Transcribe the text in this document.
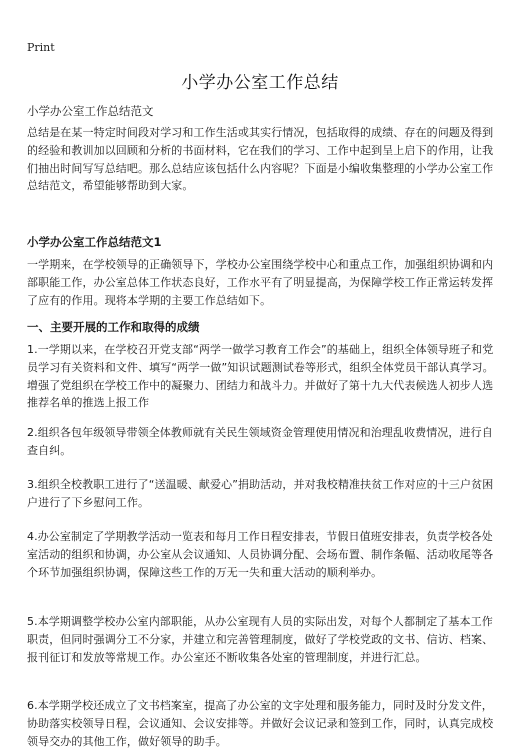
Print
小学办公室工作总结

小学办公室工作总结范文

总结是在某一特定时间段对学习和工作生活或其实行情况，包括取得的成绩、存在的问题及得到的经验和教训加以回顾和分析的书面材料，它在我们的学习、工作中起到呈上启下的作用，让我们抽出时间写写总结吧。那么总结应该包括什么内容呢？下面是小编收集整理的小学办公室工作总结范文，希望能够帮助到大家。

小学办公室工作总结范文1

一学期来，在学校领导的正确领导下，学校办公室围绕学校中心和重点工作，加强组织协调和内部职能工作，办公室总体工作状态良好，工作水平有了明显提高，为保障学校工作正常运转发挥了应有的作用。现将本学期的主要工作总结如下。

一、主要开展的工作和取得的成绩

1.一学期以来，在学校召开党支部“两学一做学习教育工作会”的基础上，组织全体领导班子和党员学习有关资料和文件、填写“两学一做”知识试题测试卷等形式，组织全体党员干部认真学习。增强了党组织在学校工作中的凝聚力、团结力和战斗力。并做好了第十九大代表候选人初步人选推荐名单的推选上报工作

2.组织各包年级领导带领全体教师就有关民生领域资金管理使用情况和治理乱收费情况，进行自查自纠。

3.组织全校教职工进行了“送温暖、献爱心”捐助活动，并对我校精准扶贫工作对应的十三户贫困户进行了下乡慰问工作。

4.办公室制定了学期教学活动一览表和每月工作日程安排表，节假日值班安排表，负责学校各处室活动的组织和协调，办公室从会议通知、人员协调分配、会场布置、制作条幅、活动收尾等各个环节加强组织协调，保障这些工作的万无一失和重大活动的顺利举办。

5.本学期调整学校办公室内部职能，从办公室现有人员的实际出发，对每个人都制定了基本工作职责，但同时强调分工不分家，并建立和完善管理制度，做好了学校党政的文书、信访、档案、报刊征订和发放等常规工作。办公室还不断收集各处室的管理制度，并进行汇总。

6.本学期学校还成立了文书档案室，提高了办公室的文字处理和服务能力，同时及时分发文件，协助落实校领导日程，会议通知、会议安排等。并做好会议记录和签到工作，同时，认真完成校领导交办的其他工作，做好领导的助手。
